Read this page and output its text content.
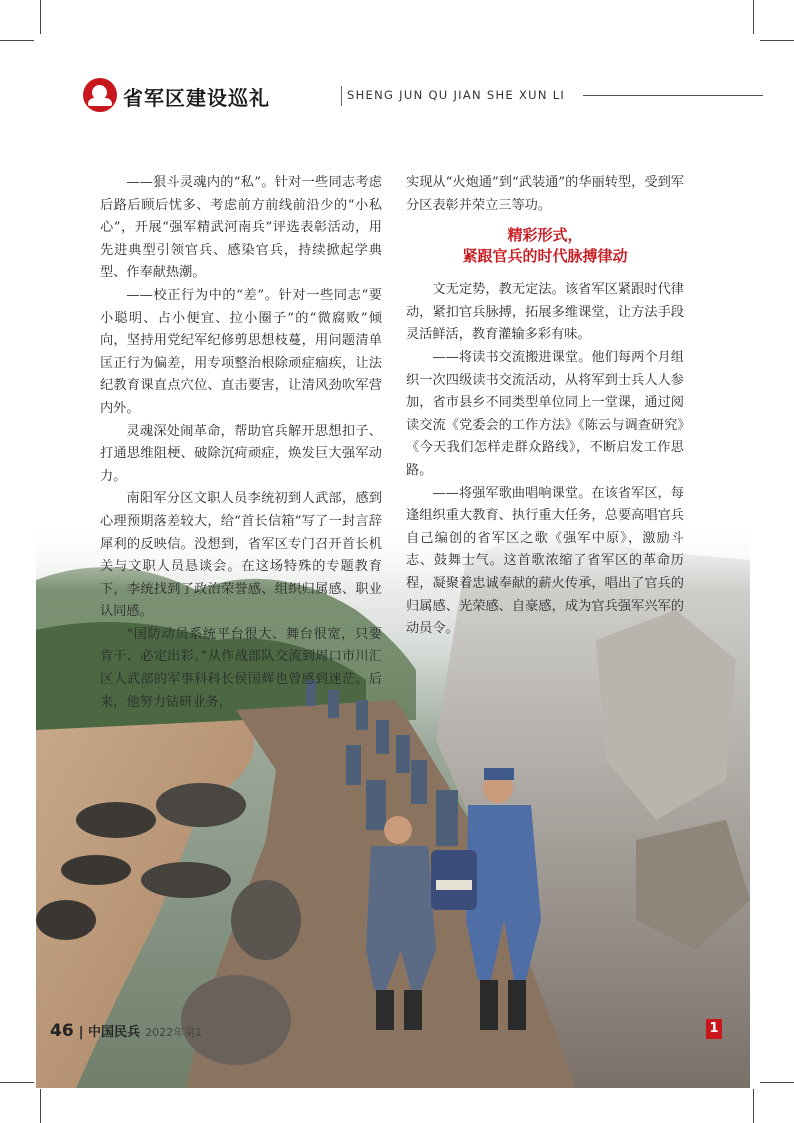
省军区建设巡礼	SHENG JUN QU JIAN SHE XUN LI

——狠斗灵魂内的“私”。针对一些同志考虑后路后顾后忧多、考虑前方前线前沿少的“小私心”，开展“强军精武河南兵”评选表彰活动，用先进典型引领官兵、感染官兵，持续掀起学典型、作奉献热潮。

——校正行为中的“差”。针对一些同志“要小聪明、占小便宜、拉小圈子”的“微腐败”倾向，坚持用党纪军纪修剪思想枝蔓，用问题清单匡正行为偏差，用专项整治根除顽症痼疾，让法纪教育课直点穴位、直击要害，让清风劲吹军营内外。

灵魂深处闹革命，帮助官兵解开思想扣子、打通思维阻梗、破除沉疴顽症，焕发巨大强军动力。

南阳军分区文职人员李统初到人武部，感到心理预期落差较大，给“首长信箱”写了一封言辞犀利的反映信。没想到，省军区专门召开首长机关与文职人员恳谈会。在这场特殊的专题教育下，李统找到了政治荣誉感、组织归属感、职业认同感。

“国防动员系统平台很大、舞台很宽，只要肯干、必定出彩。”从作战部队交流到周口市川汇区人武部的军事科科长侯国辉也曾感到迷茫。后来，他努力钻研业务，

实现从“火炮通”到“武装通”的华丽转型，受到军分区表彰并荣立三等功。

精彩形式，
紧跟官兵的时代脉搏律动

文无定势，教无定法。该省军区紧跟时代律动，紧扣官兵脉搏，拓展多维课堂，让方法手段灵活鲜活，教育灌输多彩有味。

——将读书交流搬进课堂。他们每两个月组织一次四级读书交流活动，从将军到士兵人人参加，省市县乡不同类型单位同上一堂课，通过阅读交流《党委会的工作方法》《陈云与调查研究》《今天我们怎样走群众路线》，不断启发工作思路。

——将强军歌曲唱响课堂。在该省军区，每逢组织重大教育、执行重大任务，总要高唱官兵自己编创的省军区之歌《强军中原》，激励斗志、鼓舞士气。这首歌浓缩了省军区的革命历程，凝聚着忠诚奉献的薪火传承，唱出了官兵的归属感、光荣感、自豪感，成为官兵强军兴军的动员令。

46 | 中国民兵 2022年第1	1
